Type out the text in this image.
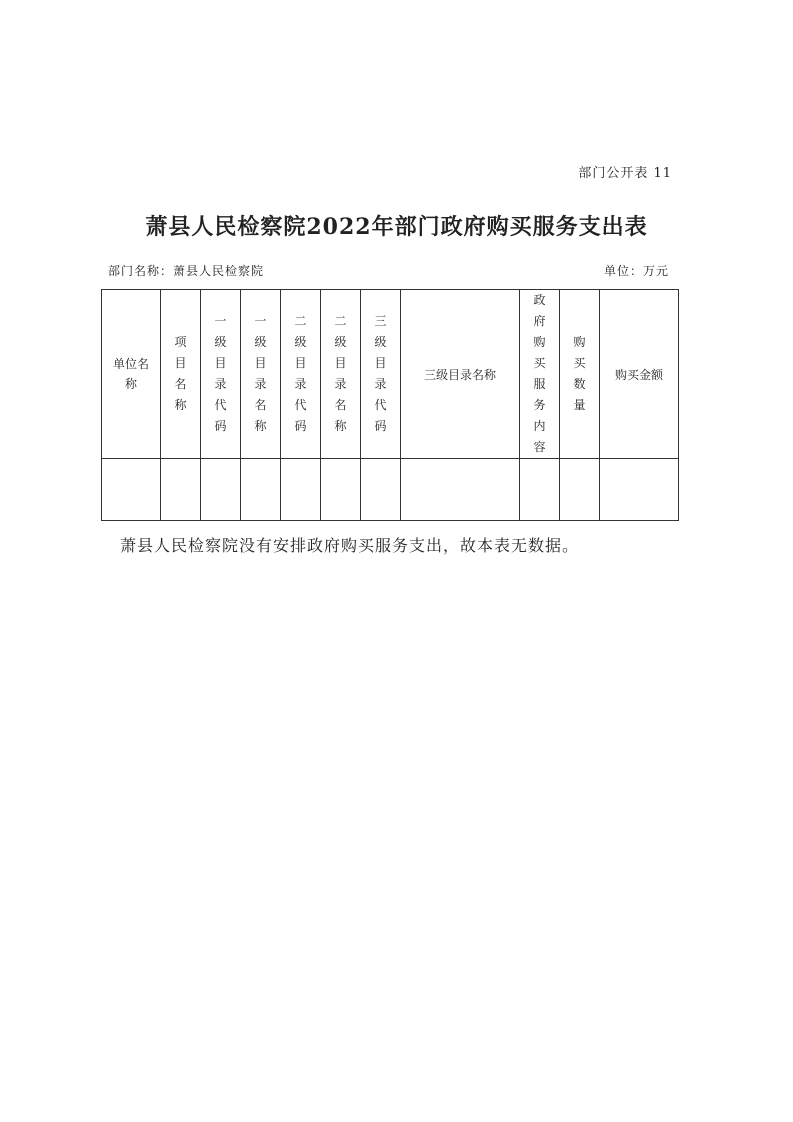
部门公开表 11
萧县人民检察院2022年部门政府购买服务支出表
部门名称：萧县人民检察院	单位：万元
单位名称	项目名称	一级目录代码	一级目录名称	二级目录代码	二级目录名称	三级目录代码	三级目录名称	政府购买服务内容	购买数量	购买金额

萧县人民检察院没有安排政府购买服务支出，故本表无数据。
